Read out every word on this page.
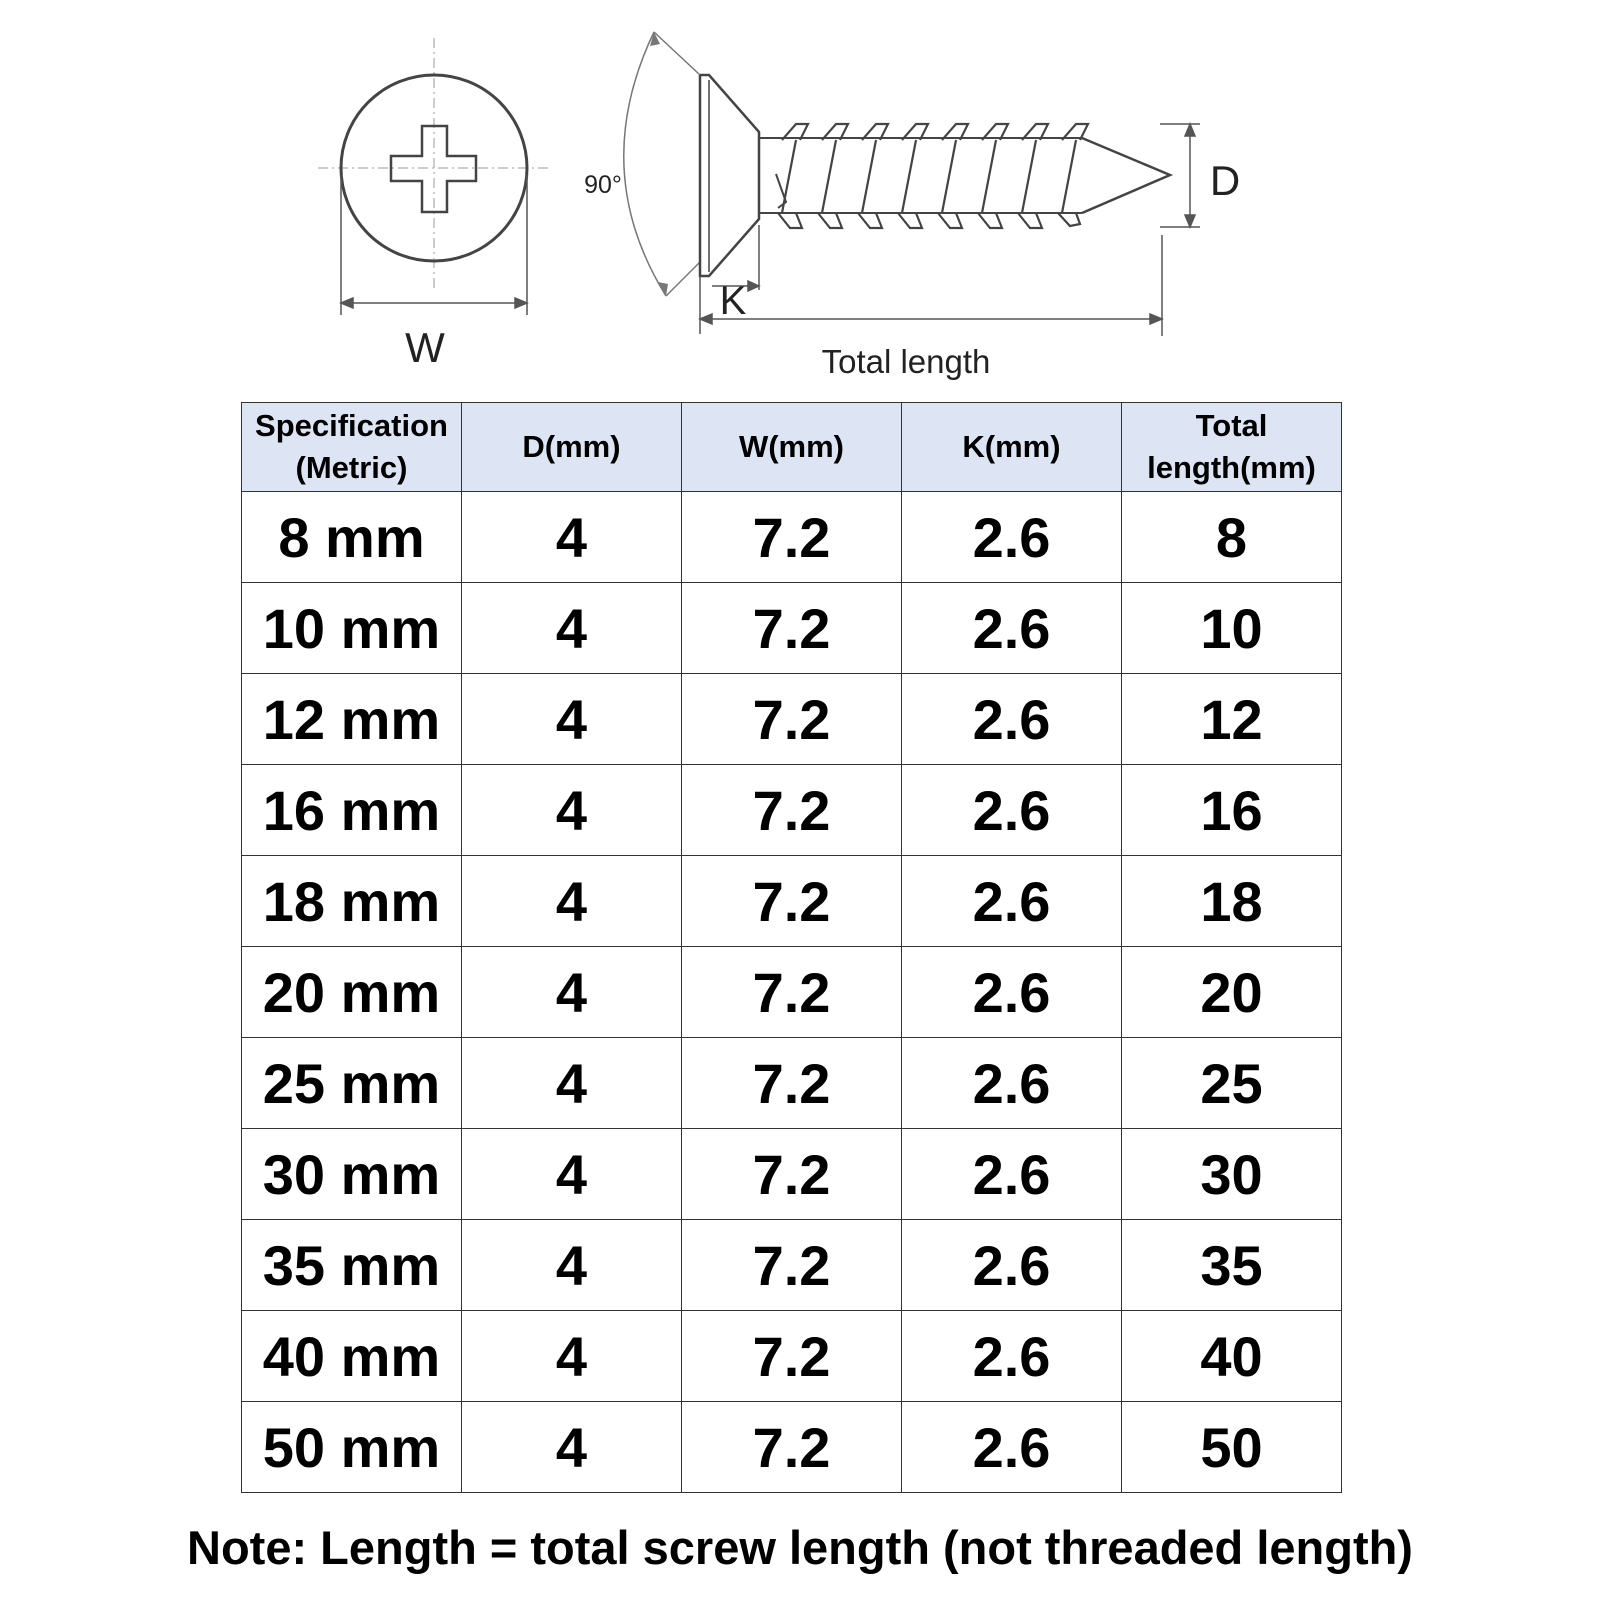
W
90°	D
K
Total length
Specification
(Metric)	D(mm)	W(mm)	K(mm)	Total
length(mm)
8 mm	4	7.2	2.6	8
10 mm	4	7.2	2.6	10
12 mm	4	7.2	2.6	12
16 mm	4	7.2	2.6	16
18 mm	4	7.2	2.6	18
20 mm	4	7.2	2.6	20
25 mm	4	7.2	2.6	25
30 mm	4	7.2	2.6	30
35 mm	4	7.2	2.6	35
40 mm	4	7.2	2.6	40
50 mm	4	7.2	2.6	50
Note: Length = total screw length (not threaded length)
